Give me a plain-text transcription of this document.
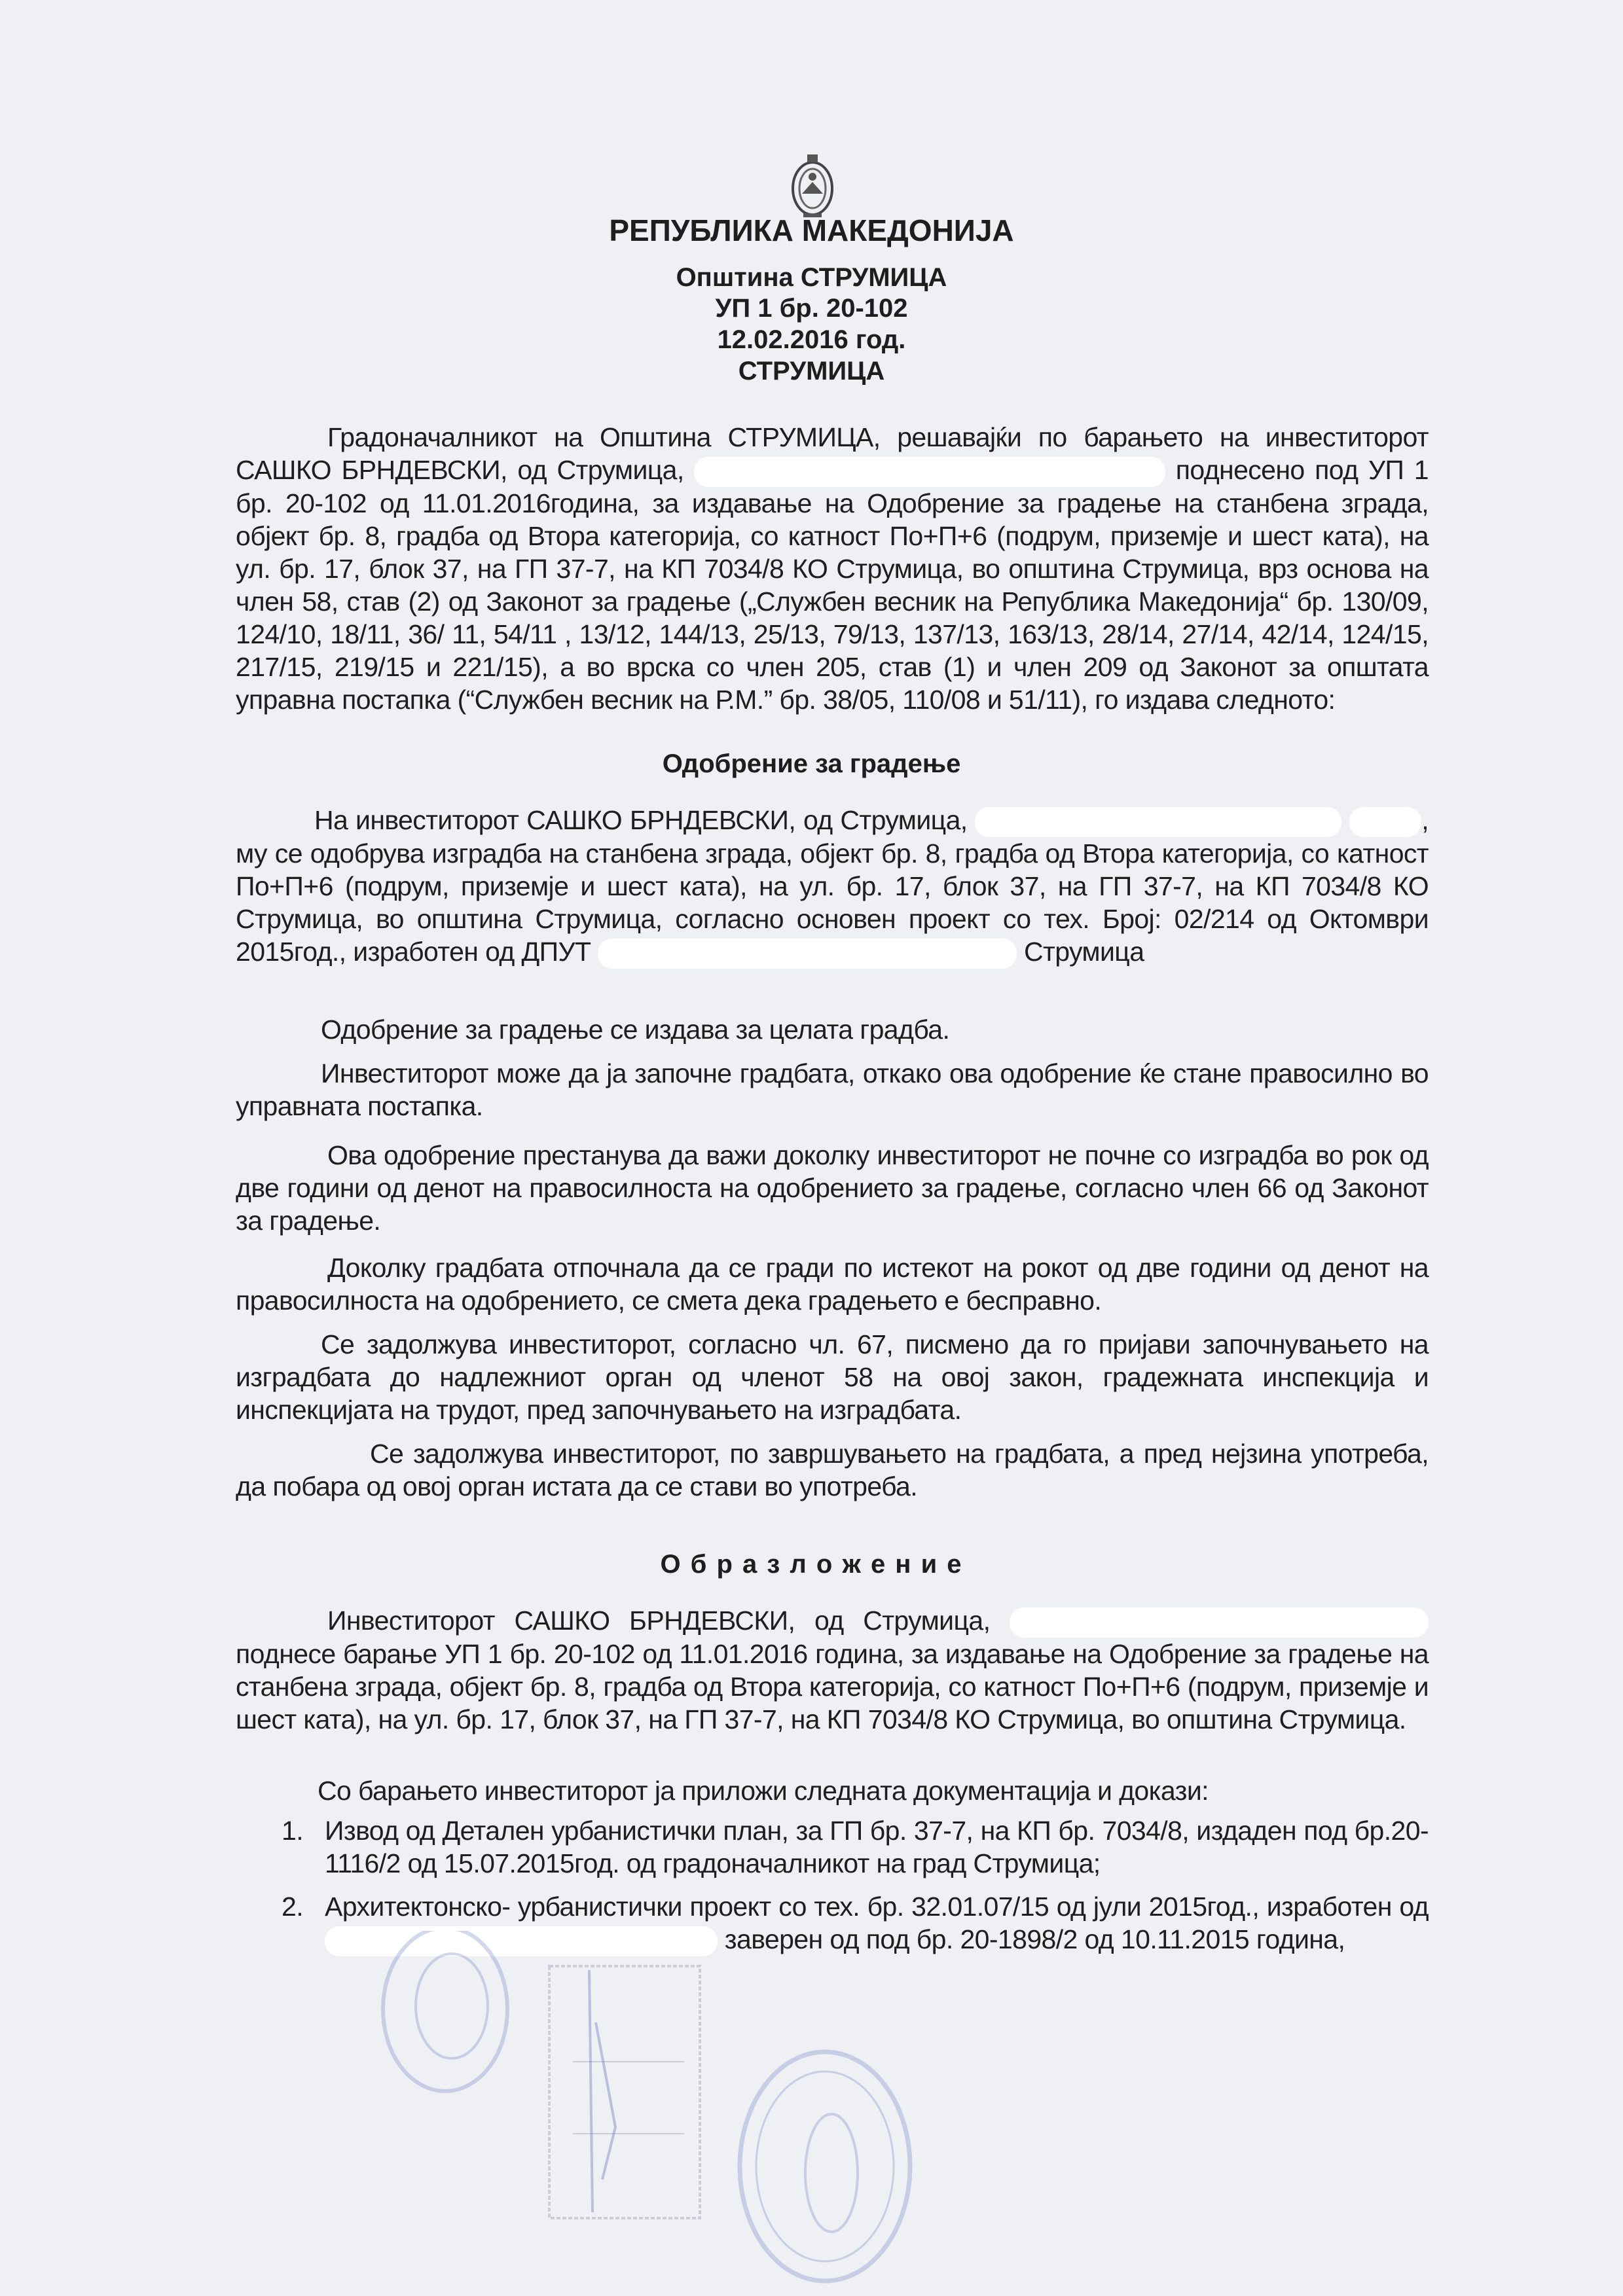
РЕПУБЛИКА МАКЕДОНИЈА
Општина СТРУМИЦА
УП 1 бр. 20-102
12.02.2016 год.
СТРУМИЦА
Градоначалникот на Општина СТРУМИЦА, решавајќи по барањето на инвеститорот САШКО БРНДЕВСКИ, од Струмица,	поднесено под УП 1 бр. 20-102 од 11.01.2016година, за издавање на Одобрение за градење на станбена зграда, објект бр. 8, градба од Втора категорија, со катност По+П+6 (подрум, приземје и шест ката), на ул. бр. 17, блок 37, на ГП 37-7, на КП 7034/8 КО Струмица, во општина Струмица, врз основа на член 58, став (2) од Законот за градење („Службен весник на Република Македонија“ бр. 130/09, 124/10, 18/11, 36/ 11, 54/11 , 13/12, 144/13, 25/13, 79/13, 137/13, 163/13, 28/14, 27/14, 42/14, 124/15, 217/15, 219/15 и 221/15), а во врска со член 205, став (1) и член 209 од Законот за општата управна постапка (“Службен весник на Р.М.” бр. 38/05, 110/08 и 51/11), го издава следното:
Одобрение за градење
На инвеститорот САШКО БРНДЕВСКИ, од Струмица,	, му се одобрува изградба на станбена зграда, објект бр. 8, градба од Втора категорија, со катност По+П+6 (подрум, приземје и шест ката), на ул. бр. 17, блок 37, на ГП 37-7, на КП 7034/8 КО Струмица, во општина Струмица, согласно основен проект со тех. Број: 02/214 од Октомври 2015год., изработен од ДПУТ	Струмица
Одобрение за градење се издава за целата градба.
Инвеститорот може да ја започне градбата, откако ова одобрение ќе стане правосилно во управната постапка.
Ова одобрение престанува да важи доколку инвеститорот не почне со изградба во рок од две години од денот на правосилноста на одобрението за градење, согласно член 66 од Законот за градење.
Доколку градбата отпочнала да се гради по истекот на рокот од две години од денот на правосилноста на одобрението, се смета дека градењето е бесправно.
Се задолжува инвеститорот, согласно чл. 67, писмено да го пријави започнувањето на изградбата до надлежниот орган од членот 58 на овој закон, градежната инспекција и инспекцијата на трудот, пред започнувањето на изградбата.
Се задолжува инвеститорот, по завршувањето на градбата, а пред нејзина употреба, да побара од овој орган истата да се стави во употреба.
О б р а з л о ж е н и е
Инвеститорот САШКО БРНДЕВСКИ, од Струмица,  поднесе барање УП 1 бр. 20-102 од 11.01.2016 година, за издавање на Одобрение за градење на станбена зграда, објект бр. 8, градба од Втора категорија, со катност По+П+6 (подрум, приземје и шест ката), на ул. бр. 17, блок 37, на ГП 37-7, на КП 7034/8 КО Струмица, во општина Струмица.
Со барањето инвеститорот ја приложи следната документација и докази:
1. Извод од Детален урбанистички план, за ГП бр. 37-7, на КП бр. 7034/8, издаден под бр.20-1116/2 од 15.07.2015год. од градоначалникот на град Струмица;
2. Архитектонско- урбанистички проект со тех. бр. 32.01.07/15 од јули 2015год., изработен од  заверен од под бр. 20-1898/2 од 10.11.2015 година,
